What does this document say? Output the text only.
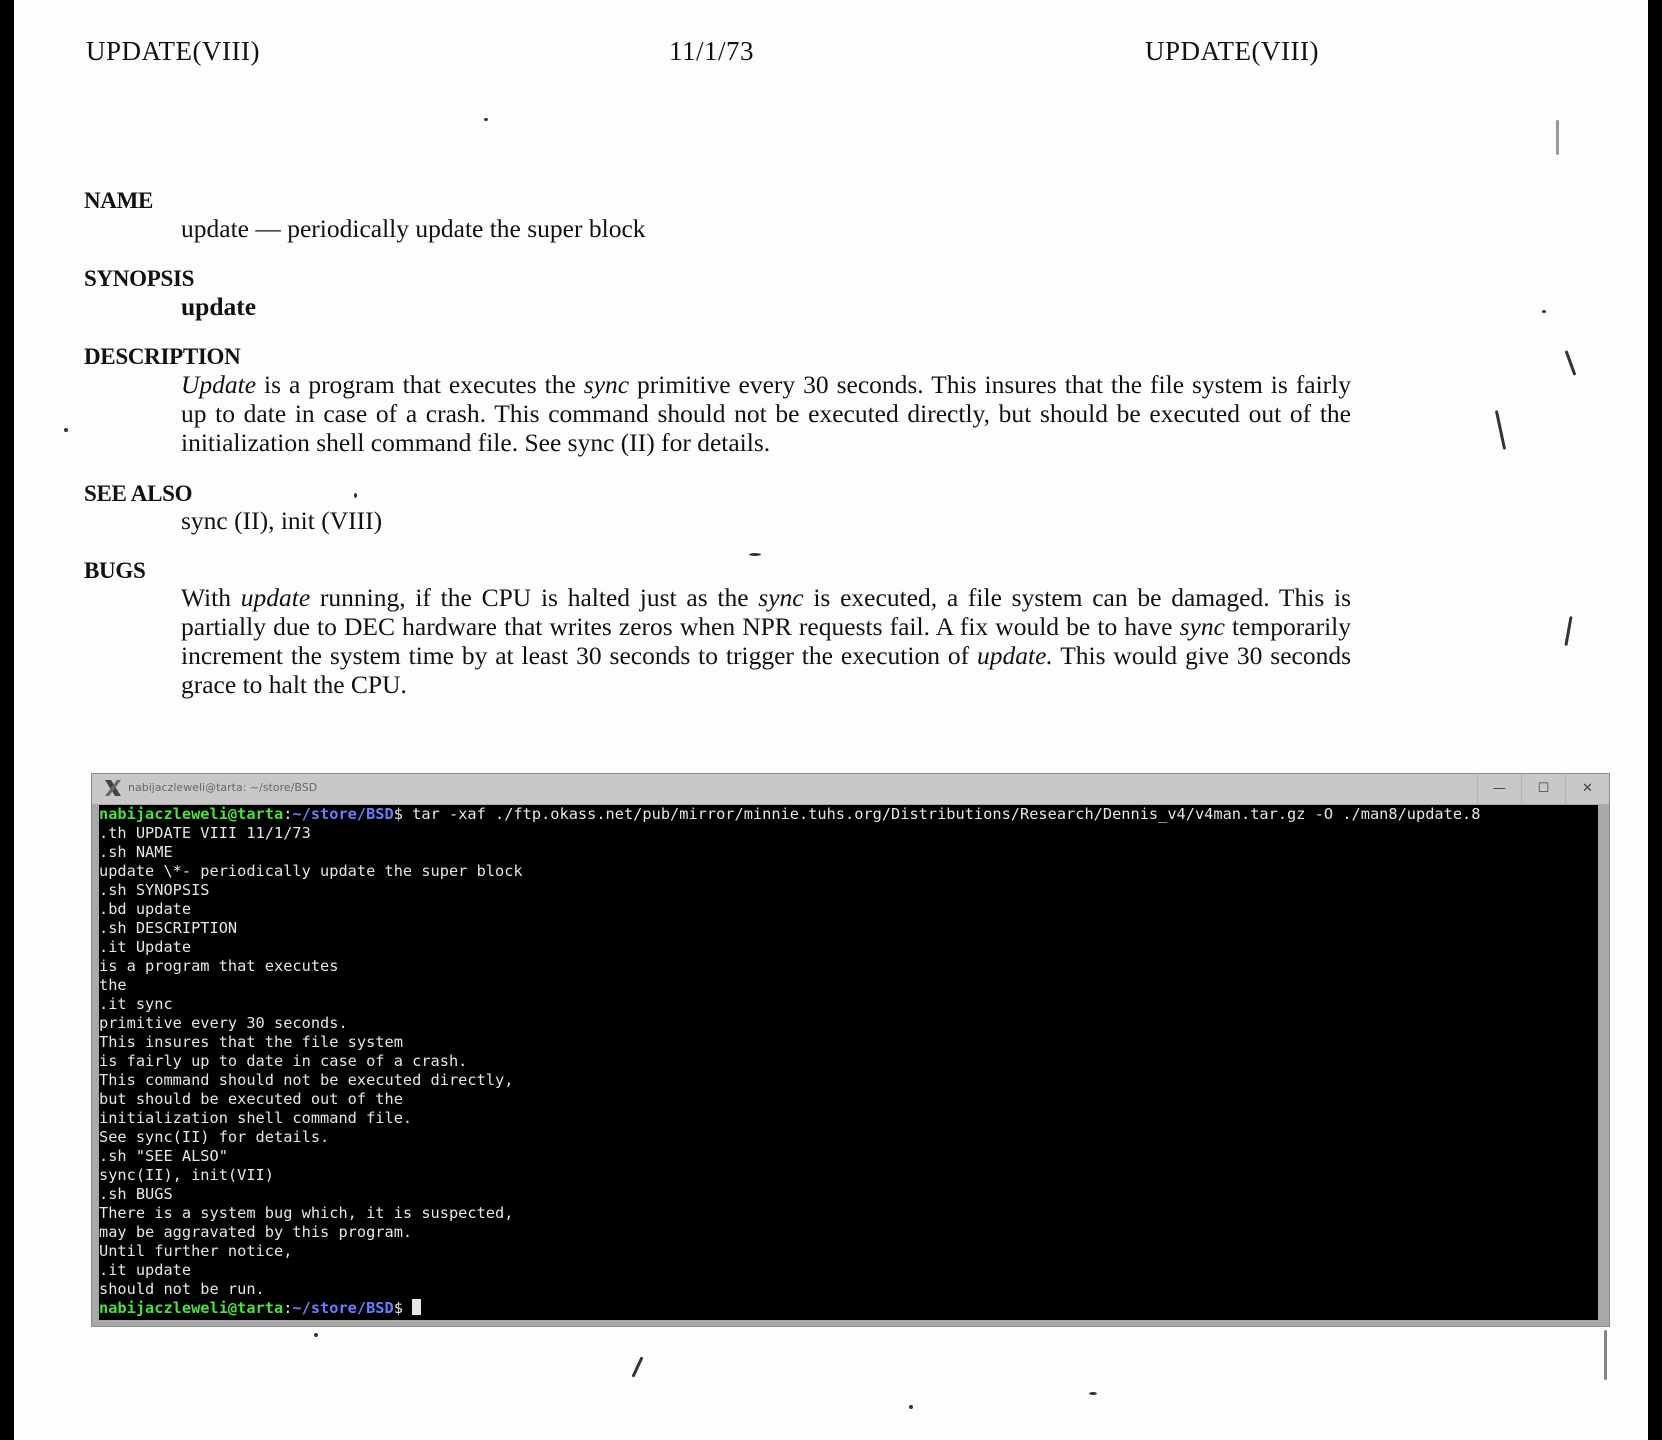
UPDATE(VIII)	11/1/73	UPDATE(VIII)
NAME
update — periodically update the super block
SYNOPSIS
update
DESCRIPTION
Update is a program that executes the sync primitive every 30 seconds. This insures that the file system is fairly up to date in case of a crash. This command should not be executed directly, but should be executed out of the initialization shell command file. See sync (II) for details.
SEE ALSO
sync (II), init (VIII)
BUGS
With update running, if the CPU is halted just as the sync is executed, a file system can be damaged. This is partially due to DEC hardware that writes zeros when NPR requests fail. A fix would be to have sync temporarily increment the system time by at least 30 seconds to trigger the execution of update. This would give 30 seconds grace to halt the CPU.
nabijaczleweli@tarta: ~/store/BSD	—	☐	✕
nabijaczleweli@tarta:~/store/BSD$ tar -xaf ./ftp.okass.net/pub/mirror/minnie.tuhs.org/Distributions/Research/Dennis_v4/v4man.tar.gz -O ./man8/update.8
.th UPDATE VIII 11/1/73
.sh NAME
update \*- periodically update the super block
.sh SYNOPSIS
.bd update
.sh DESCRIPTION
.it Update
is a program that executes
the
.it sync
primitive every 30 seconds.
This insures that the file system
is fairly up to date in case of a crash.
This command should not be executed directly,
but should be executed out of the
initialization shell command file.
See sync(II) for details.
.sh "SEE ALSO"
sync(II), init(VII)
.sh BUGS
There is a system bug which, it is suspected,
may be aggravated by this program.
Until further notice,
.it update
should not be run.
nabijaczleweli@tarta:~/store/BSD$
